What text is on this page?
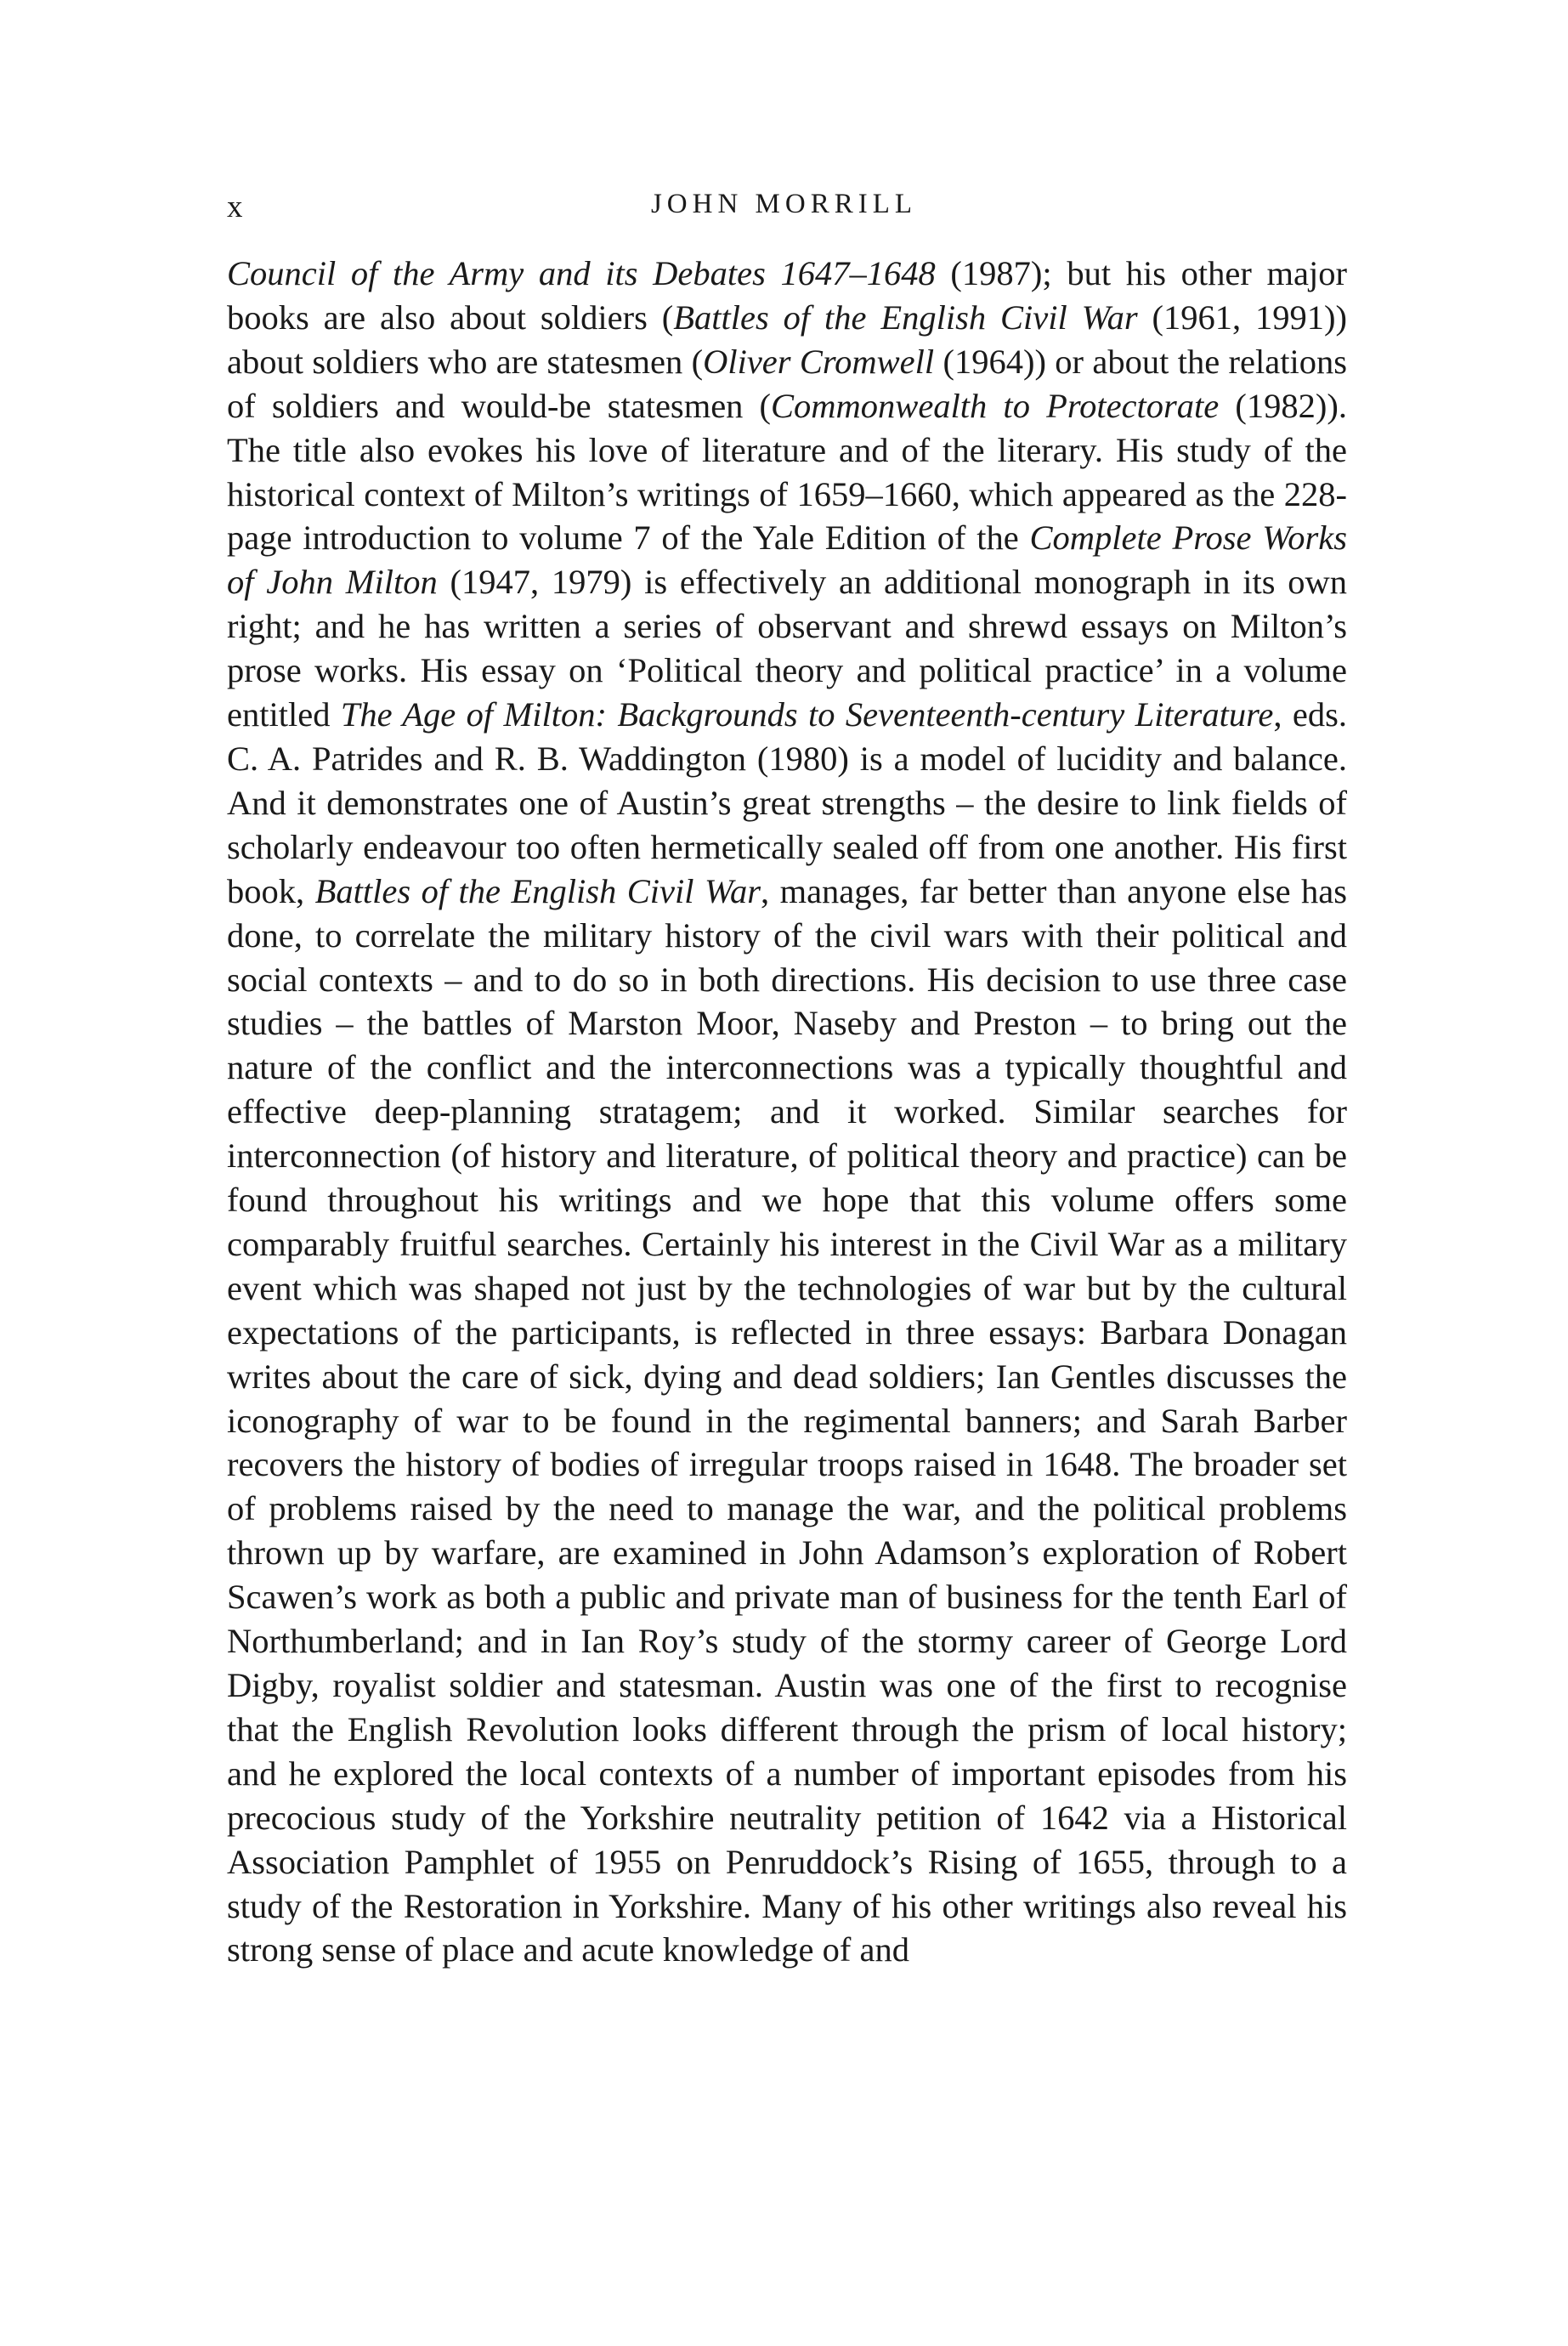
x	JOHN MORRILL
Council of the Army and its Debates 1647–1648 (1987); but his other major books are also about soldiers (Battles of the English Civil War (1961, 1991)) about soldiers who are statesmen (Oliver Cromwell (1964)) or about the relations of soldiers and would-be statesmen (Commonwealth to Protectorate (1982)). The title also evokes his love of literature and of the literary. His study of the historical context of Milton’s writings of 1659–1660, which appeared as the 228-page introduction to volume 7 of the Yale Edition of the Complete Prose Works of John Milton (1947, 1979) is effectively an additional monograph in its own right; and he has written a series of observant and shrewd essays on Milton’s prose works. His essay on ‘Political theory and political practice’ in a volume entitled The Age of Milton: Backgrounds to Seventeenth-century Literature, eds. C. A. Patrides and R. B. Waddington (1980) is a model of lucidity and balance. And it demonstrates one of Austin’s great strengths – the desire to link fields of scholarly endeavour too often hermetically sealed off from one another. His first book, Battles of the English Civil War, manages, far better than anyone else has done, to correlate the military history of the civil wars with their political and social contexts – and to do so in both directions. His decision to use three case studies – the battles of Marston Moor, Naseby and Preston – to bring out the nature of the conflict and the interconnections was a typically thoughtful and effective deep-planning stratagem; and it worked. Similar searches for interconnection (of history and literature, of political theory and practice) can be found throughout his writings and we hope that this volume offers some comparably fruitful searches. Certainly his interest in the Civil War as a military event which was shaped not just by the technologies of war but by the cultural expectations of the participants, is reflected in three essays: Barbara Donagan writes about the care of sick, dying and dead soldiers; Ian Gentles discusses the iconography of war to be found in the regimental banners; and Sarah Barber recovers the history of bodies of irregular troops raised in 1648. The broader set of problems raised by the need to manage the war, and the political problems thrown up by warfare, are examined in John Adamson’s exploration of Robert Scawen’s work as both a public and private man of business for the tenth Earl of Northumberland; and in Ian Roy’s study of the stormy career of George Lord Digby, royalist soldier and statesman. Austin was one of the first to recognise that the English Revolution looks different through the prism of local history; and he explored the local contexts of a number of important episodes from his precocious study of the Yorkshire neutrality petition of 1642 via a Historical Association Pamphlet of 1955 on Penruddock’s Rising of 1655, through to a study of the Restoration in Yorkshire. Many of his other writings also reveal his strong sense of place and acute knowledge of and
